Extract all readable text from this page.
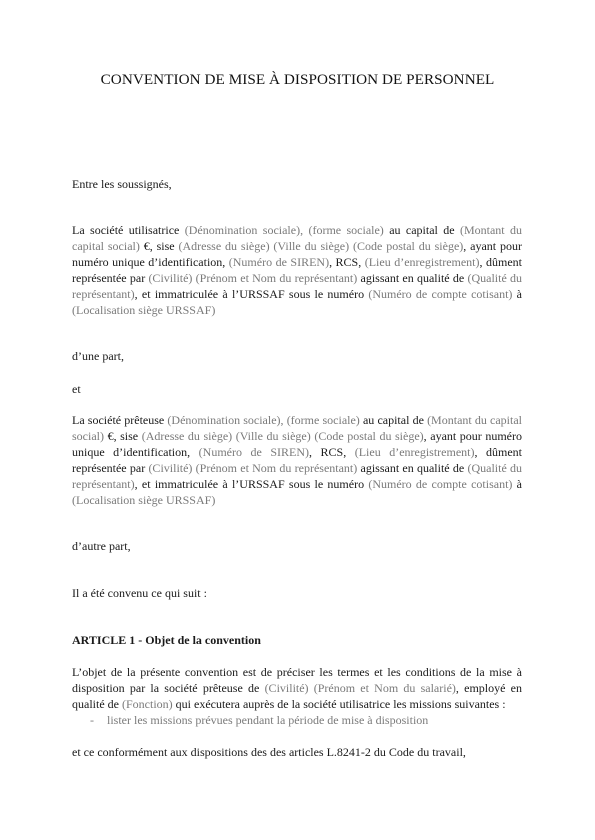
CONVENTION DE MISE À DISPOSITION DE PERSONNEL

Entre les soussignés,

La société utilisatrice (Dénomination sociale), (forme sociale) au capital de (Montant du capital social) €, sise (Adresse du siège) (Ville du siège) (Code postal du siège), ayant pour numéro unique d’identification, (Numéro de SIREN), RCS, (Lieu d’enregistrement), dûment représentée par (Civilité) (Prénom et Nom du représentant) agissant en qualité de (Qualité du représentant), et immatriculée à l’URSSAF sous le numéro (Numéro de compte cotisant) à (Localisation siège URSSAF)

d’une part,

et

La société prêteuse (Dénomination sociale), (forme sociale) au capital de (Montant du capital social) €, sise (Adresse du siège) (Ville du siège) (Code postal du siège), ayant pour numéro unique d’identification, (Numéro de SIREN), RCS, (Lieu d’enregistrement), dûment représentée par (Civilité) (Prénom et Nom du représentant) agissant en qualité de (Qualité du représentant), et immatriculée à l’URSSAF sous le numéro (Numéro de compte cotisant) à (Localisation siège URSSAF)

d’autre part,

Il a été convenu ce qui suit :

ARTICLE 1 - Objet de la convention

L’objet de la présente convention est de préciser les termes et les conditions de la mise à disposition par la société prêteuse de (Civilité) (Prénom et Nom du salarié), employé en qualité de (Fonction) qui exécutera auprès de la société utilisatrice les missions suivantes :

- lister les missions prévues pendant la période de mise à disposition

et ce conformément aux dispositions des des articles L.8241-2 du Code du travail,
